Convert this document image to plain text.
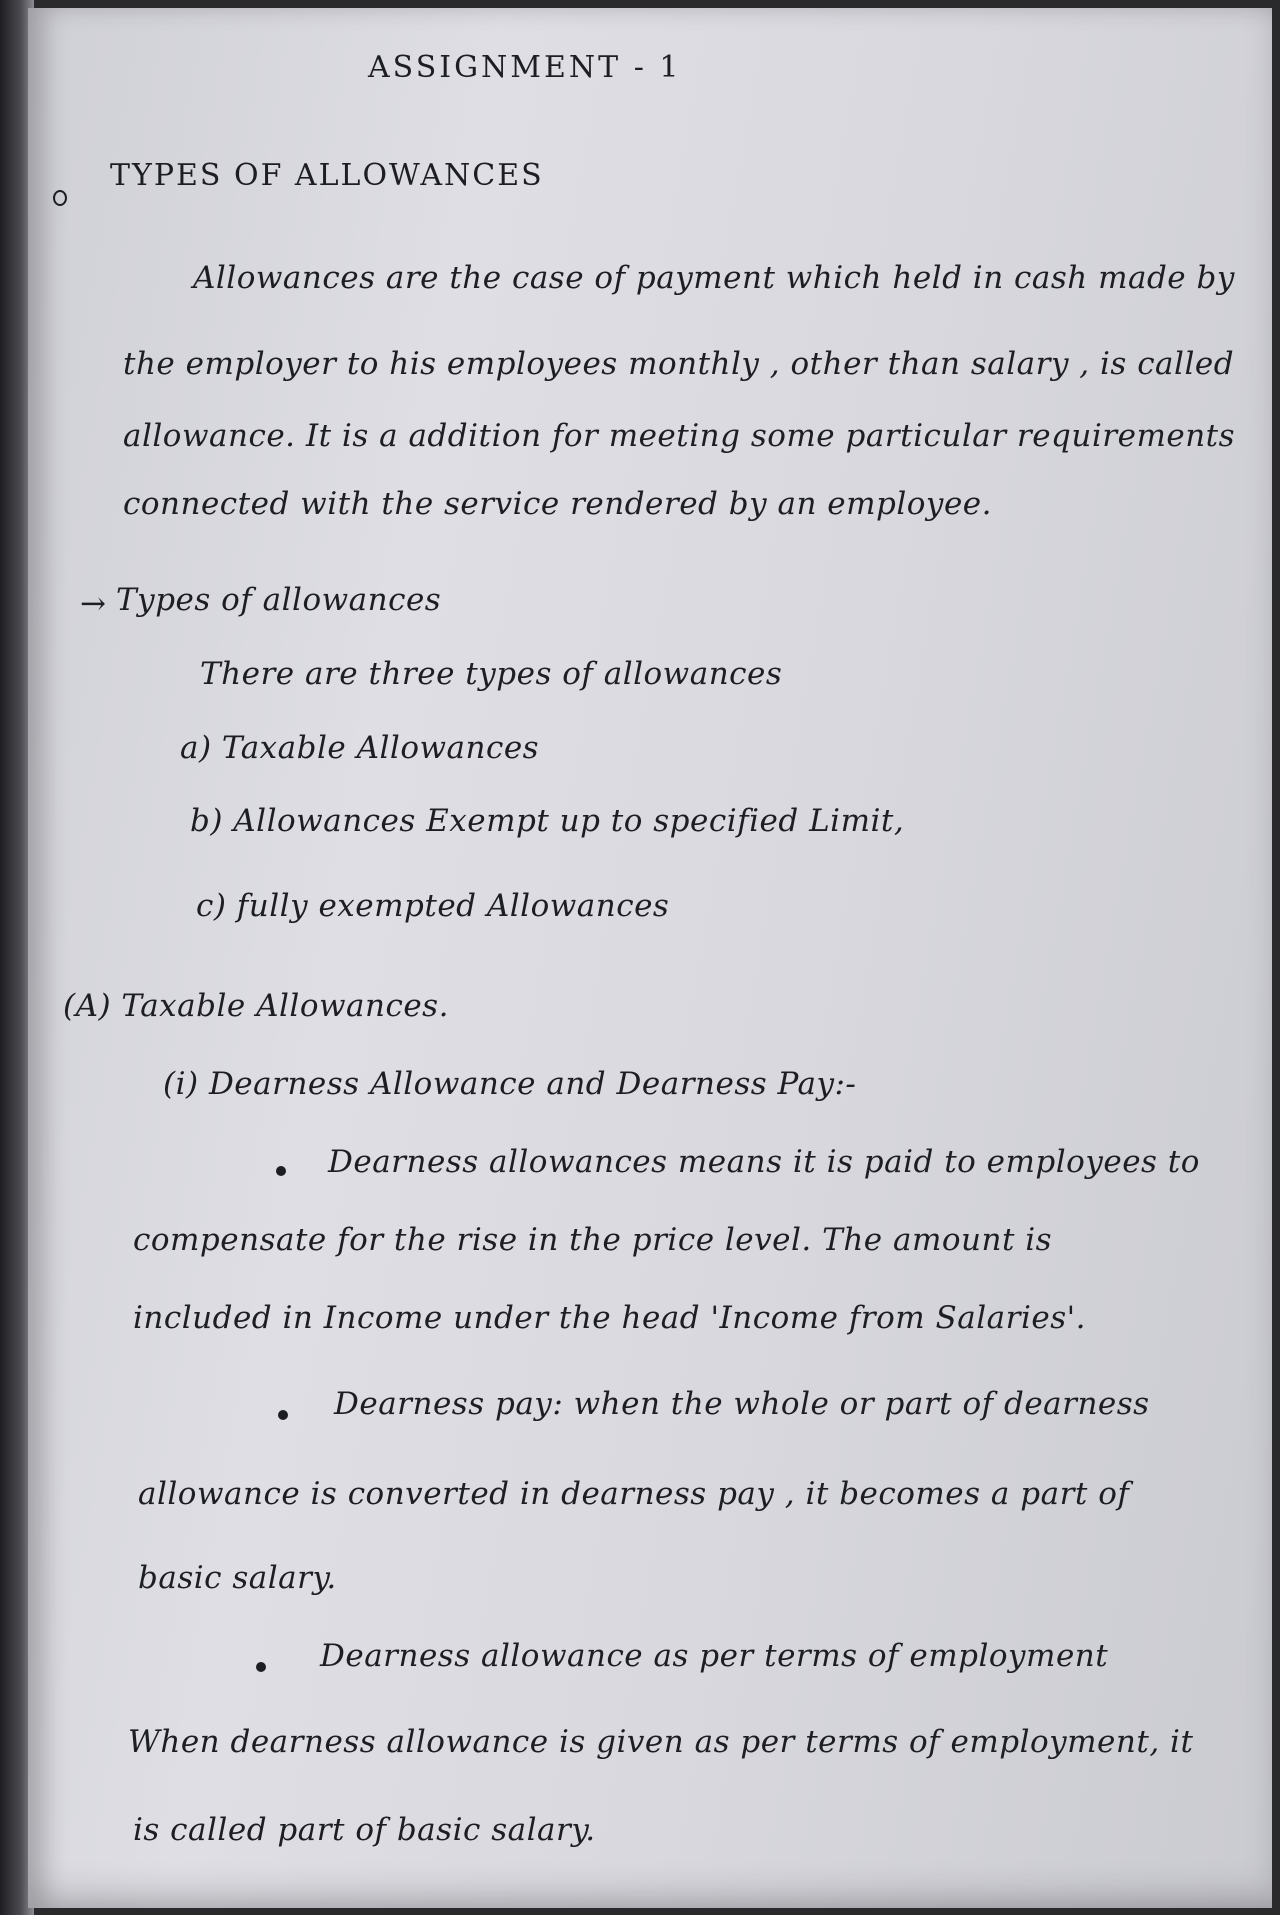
ASSIGNMENT - 1
TYPES OF ALLOWANCES
Allowances are the case of payment which held in cash made by
the employer to his employees monthly , other than salary , is called
allowance. It is a addition for meeting some particular requirements
connected with the service rendered by an employee.
→ Types of allowances
There are three types of allowances
a) Taxable Allowances
b) Allowances Exempt up to specified Limit,
c) fully exempted Allowances
(A) Taxable Allowances.
(i) Dearness Allowance and Dearness Pay:-
Dearness allowances means it is paid to employees to
compensate for the rise in the price level. The amount is
included in Income under the head 'Income from Salaries'.
Dearness pay: when the whole or part of dearness
allowance is converted in dearness pay , it becomes a part of
basic salary.
Dearness allowance as per terms of employment
When dearness allowance is given as per terms of employment, it
is called part of basic salary.
